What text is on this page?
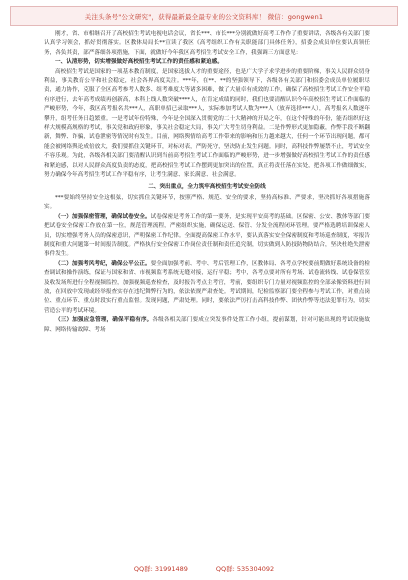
关注头条号"公文研究"，获得最新最全最专业的公文资料库！ 微信：gongwen1

刚才，省、市相继召开了高校招生考试电视电话会议，省长***、市长***分别就做好高考工作作了重要讲话，各级各有关部门要认真学习领会，抓好贯彻落实。区教体局局长**宣读了我区《高考组织工作有关职能部门具体任务》，招委会成员单位要认真领任务，各负其责，部严落细各项措施，下面，就做好今年我区高考招生考试安全工作，我强调三方面意见：

一、认清形势，切实增强做好高校招生考试工作的责任感和紧迫感。

高校招生考试是国家的一项基本教育制度，是国家选拔人才的重要途径，也是广大学子求学进步的重要阶梯，事关人民群众切身利益，事关教育公平和社会稳定，社会各界高度关注。***年，在**、**的坚强领导下，各级各有关部门和招委会成员单位履职尽责，通力协作，克服了全区高考参考人数多、组考难度大等诸多困难，做了大量卓有成效的工作，确保了高校招生考试工作安全平稳有序进行，去年高考成绩再创新高，本科上线人数突破****人，在肯定成绩的同时，我们也要清醒认识今年高校招生考试工作面临的严峻形势，今年，我区高考报名共***人，高职单招已录取***人，实际参加考试人数为***人（放弃选择***人），高考报名人数逐年攀升，组考任务日趋繁重。一是考试年份特殊，今年是全国深入贯彻党的二十大精神的开局之年，在这个特殊的年份，能否组织好这样大规模高规格的考试，事关党和政府形象，事关社会稳定大局，事关广大考生切身利益。二是作弊形式更加隐蔽，作弊手段不断翻新，舞弊、诈骗，试卷泄密等情况时有发生。目前，网络舆情给高考工作带来的影响和压力越来越大，任何一个环节出现问题，都可能会被网络舆论成倍放大，我们要抓住关键环节，对标对表，严防死守，坚决防止发生问题。同时，高科技作弊屡禁不止，考试安全不容乐观。为此，各级各相关部门要清醒认识到当前高考招生考试工作面临的严峻形势，进一步增强做好高校招生考试工作的责任感和紧迫感，以对人民群众高度负责的态度，把高校招生考试工作摆到更加突出的位置，真正将责任落在实处，把各项工作做细做实，努力确保今年高考招生考试工作平稳有序，让考生满意、家长满意、社会满意。

二、突出重点，全力筑牢高校招生考试安全防线

***要始终坚持安全这根弦，切实抓住关键环节，按照严格、规范、安全的要求，坚持高标准、严要求，坚决抓好各项措施落实。

（一）加强保密管理，确保试卷安全。试卷保密是考务工作的第一要务，是实现平安高考的基础。区保密、公安、教体等部门要把试卷安全保密工作放在第一位，规范管理流程，严密组织实施，确保运送、保管、分发全流程闭环管理。要严格选聘培训保密人员，切实增强考务人员的保密意识，严明保密工作纪律。全面提高保密工作水平，要认真落实安全保密制度和考场巡查制度，零报告制度和重大问题第一时间报告制度。严格执行安全保密工作岗位责任制和责任追究制，切实做到人防技防物防结合，坚决杜绝失泄密事件发生。

（二）加强考风考纪，确保公平公正。要全面加强考前、考中、考后管理工作，区教体局、各考点学校要前期做好系统设备的检查调试和操作演练，保证与国家和省、市视频监考系统无缝对接，运行平稳；考中，各考点要对所有考场、试卷流转线、试卷保管室及收发场所进行全程视频监控，加强视频巡查检查，及时报告考点主考官，考前，要组织专门力量对视频监控的全部录像资料进行回放，在回放中发现或经举报查实存在违纪舞弊行为的，依法依规严肃查处。考试期间，纪检监察部门要全程参与考试工作，对重点岗位、重点环节、重点时段实行重点监督。发现问题，严肃处理。同时，要依法严厉打击高科技作弊、团伙作弊等违法犯罪行为，切实营造公平的考试环境。

（三）加强应急管理，确保平稳有序。各级各相关部门要成立突发事件处置工作小组，提前谋划，针对可能出现的考试设施故障、网络传输故障、考场

QQ群: 31991489	QQ群: 535304092
